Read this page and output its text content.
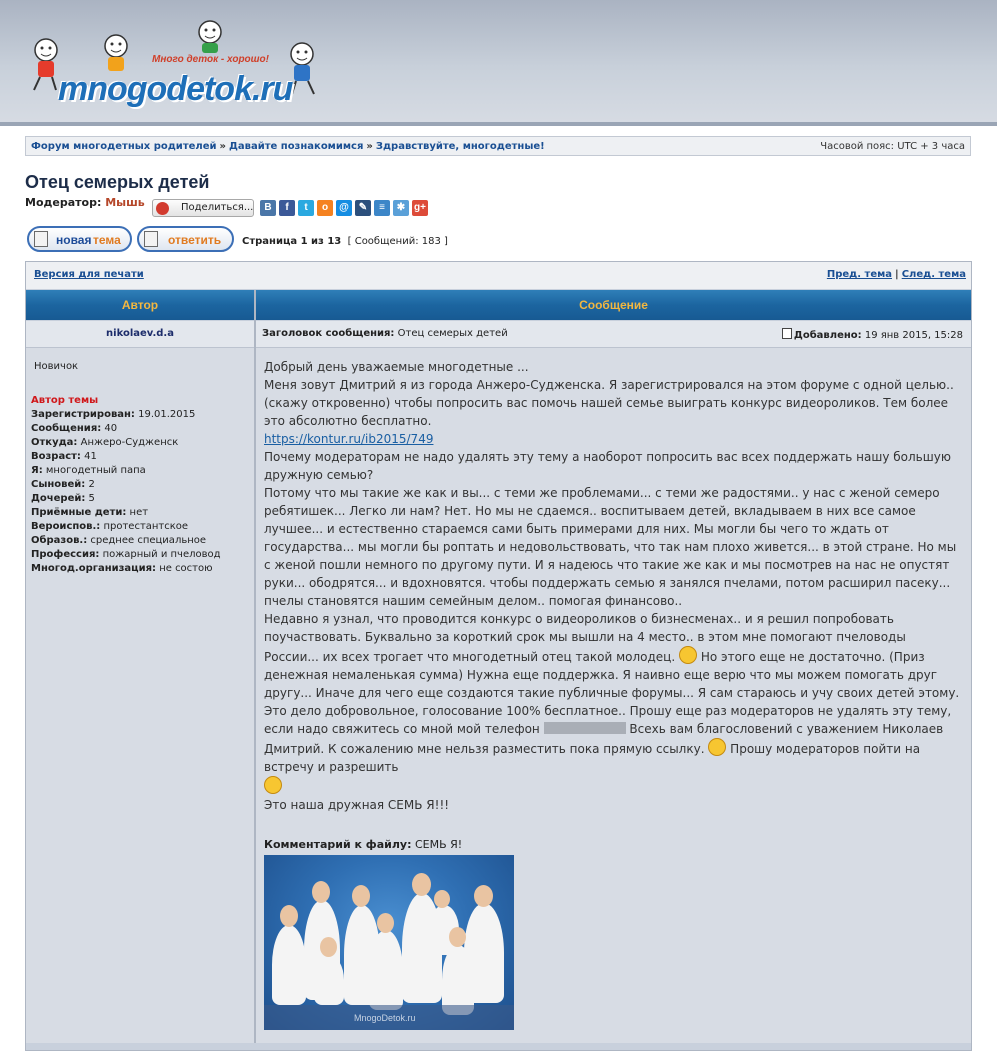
Много деток - хорошо!
mnogodetok.ru
Форум многодетных родителей » Давайте познакомимся » Здравствуйте, многодетные!	Часовой пояс: UTC + 3 часа
Отец семерых детей
Модератор: Мышь	Поделиться...	B	f	t	o	@ ✎	≡	✱ g+
новая тема	ответить Страница 1 из 13 [ Сообщений: 183 ]
Версия для печати	Пред. тема | След. тема
Автор	Сообщение
nikolaev.d.a	Заголовок сообщения: Отец семерых детей	Добавлено: 19 янв 2015, 15:28
Новичок
Автор темы
Зарегистрирован: 19.01.2015
Сообщения: 40
Откуда: Анжеро-Судженск
Возраст: 41
Я: многодетный папа
Сыновей: 2
Дочерей: 5
Приёмные дети: нет
Вероиспов.: протестантское
Образов.: среднее специальное
Профессия: пожарный и пчеловод
Многод.организация: не состою

Добрый день уважаемые многодетные ...

Меня зовут Дмитрий я из города Анжеро-Судженска. Я зарегистрировался на этом форуме с одной целью.. (скажу откровенно) чтобы попросить вас помочь нашей семье выиграть конкурс видеороликов. Тем более это абсолютно бесплатно.

https://kontur.ru/ib2015/749

Почему модераторам не надо удалять эту тему а наоборот попросить вас всех поддержать нашу большую дружную семью?

Потому что мы такие же как и вы... с теми же проблемами... с теми же радостями.. у нас с женой семеро ребятишек... Легко ли нам? Нет. Но мы не сдаемся.. воспитываем детей, вкладываем в них все самое лучшее... и естественно стараемся сами быть примерами для них. Мы могли бы чего то ждать от государства... мы могли бы роптать и недовольствовать, что так нам плохо живется... в этой стране. Но мы с женой пошли немного по другому пути. И я надеюсь что такие же как и мы посмотрев на нас не опустят руки... ободрятся... и вдохновятся. чтобы поддержать семью я занялся пчелами, потом расширил пасеку... пчелы становятся нашим семейным делом.. помогая финансово..

Недавно я узнал, что проводится конкурс о видеороликов о бизнесменах.. и я решил попробовать поучаствовать. Буквально за короткий срок мы вышли на 4 место.. в этом мне помогают пчеловоды России... их всех трогает что многодетный отец такой молодец. Но этого еще не достаточно. (Приз денежная немаленькая сумма) Нужна еще поддержка. Я наивно еще верю что мы можем помогать друг другу... Иначе для чего еще создаются такие публичные форумы... Я сам стараюсь и учу своих детей этому.

Это дело добровольное, голосование 100% бесплатное.. Прошу еще раз модераторов не удалять эту тему, если надо свяжитесь со мной мой телефон	Всехь вам благословений с уважением Николаев Дмитрий. К сожалению мне нельзя разместить пока прямую ссылку. Прошу модераторов пойти на встречу и разрешить

Это наша дружная СЕМЬ Я!!!

Комментарий к файлу: СЕМЬ Я!
MnogoDetok.ru
